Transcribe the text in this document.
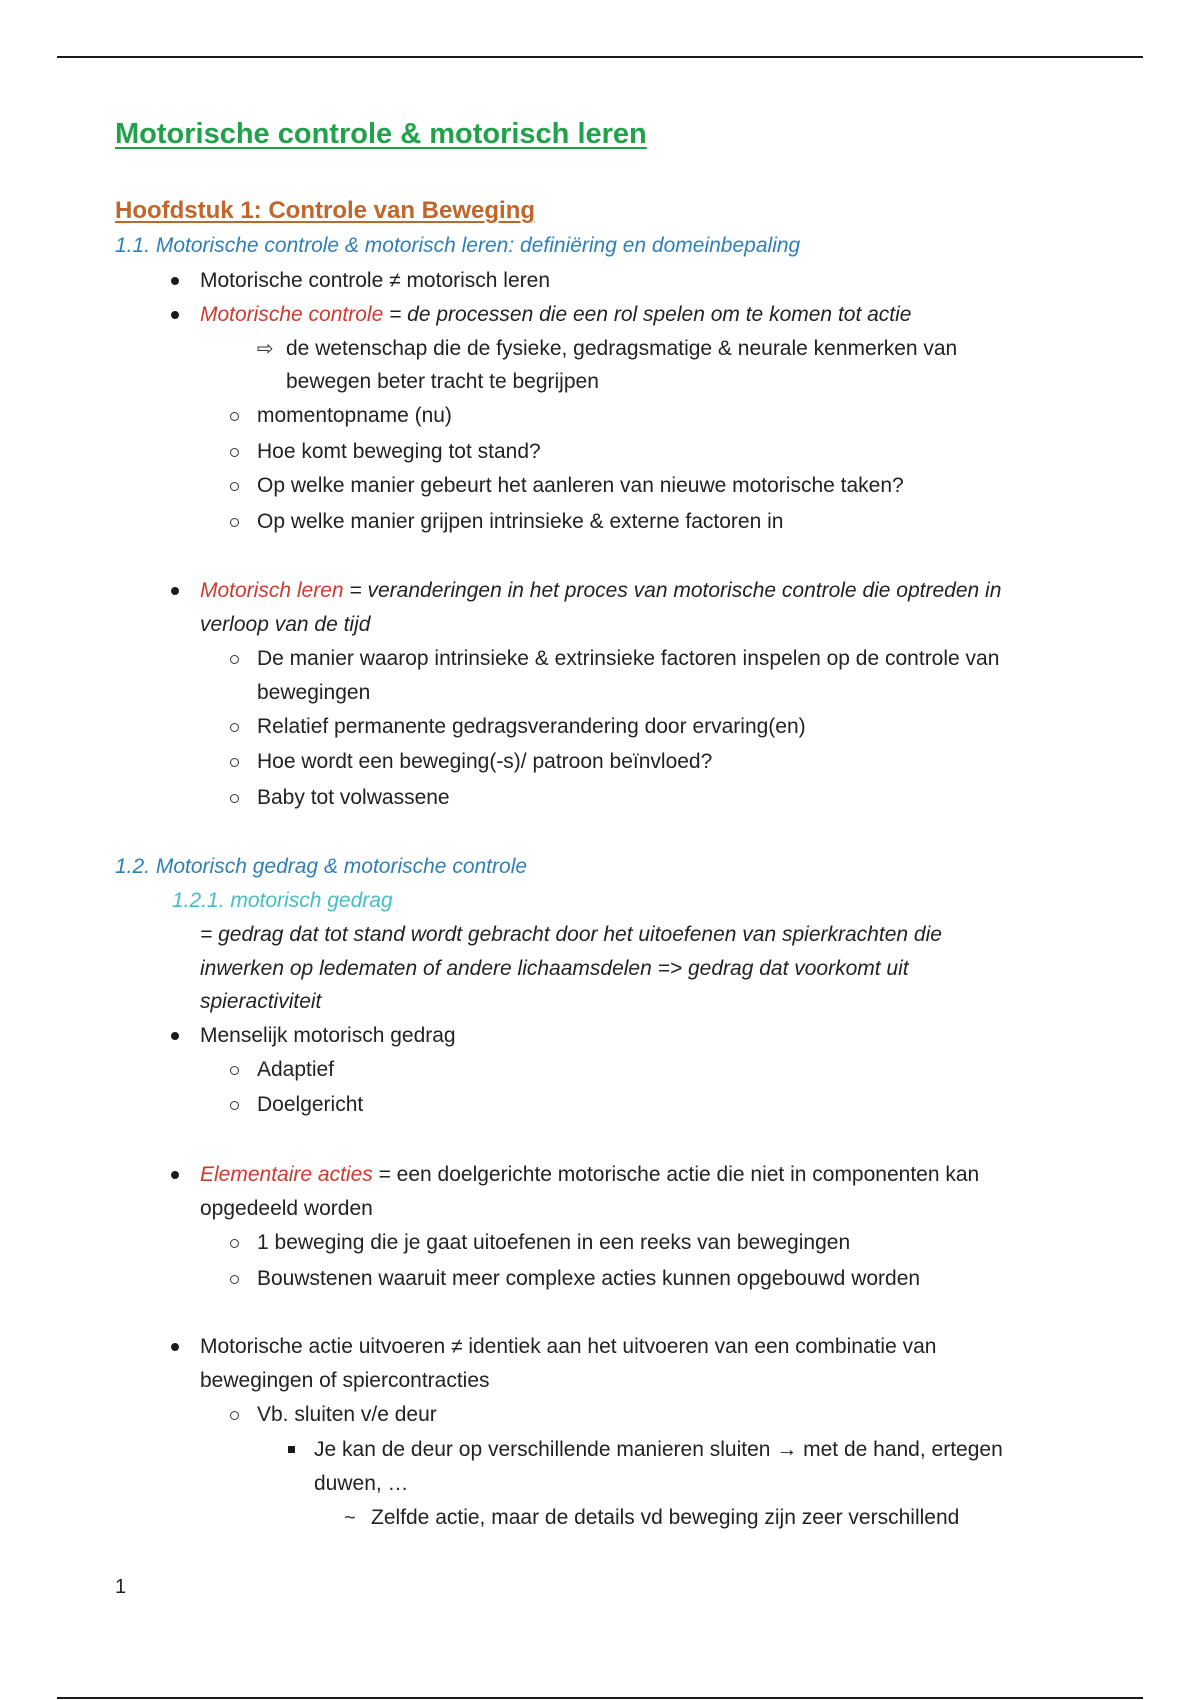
Motorische controle & motorisch leren
Hoofdstuk 1: Controle van Beweging
1.1. Motorische controle & motorisch leren: definiëring en domeinbepaling
Motorische controle ≠ motorisch leren
Motorische controle = de processen die een rol spelen om te komen tot actie
⇨ de wetenschap die de fysieke, gedragsmatige & neurale kenmerken van
bewegen beter tracht te begrijpen
momentopname (nu)
Hoe komt beweging tot stand?
Op welke manier gebeurt het aanleren van nieuwe motorische taken?
Op welke manier grijpen intrinsieke & externe factoren in
Motorisch leren = veranderingen in het proces van motorische controle die optreden in
verloop van de tijd
De manier waarop intrinsieke & extrinsieke factoren inspelen op de controle van
bewegingen
Relatief permanente gedragsverandering door ervaring(en)
Hoe wordt een beweging(-s)/ patroon beïnvloed?
Baby tot volwassene
1.2. Motorisch gedrag & motorische controle
1.2.1. motorisch gedrag
= gedrag dat tot stand wordt gebracht door het uitoefenen van spierkrachten die
inwerken op ledematen of andere lichaamsdelen => gedrag dat voorkomt uit
spieractiviteit
Menselijk motorisch gedrag
Adaptief
Doelgericht
Elementaire acties = een doelgerichte motorische actie die niet in componenten kan
opgedeeld worden
1 beweging die je gaat uitoefenen in een reeks van bewegingen
Bouwstenen waaruit meer complexe acties kunnen opgebouwd worden
Motorische actie uitvoeren ≠ identiek aan het uitvoeren van een combinatie van
bewegingen of spiercontracties
Vb. sluiten v/e deur
Je kan de deur op verschillende manieren sluiten → met de hand, ertegen
duwen, …
~ Zelfde actie, maar de details vd beweging zijn zeer verschillend
1
